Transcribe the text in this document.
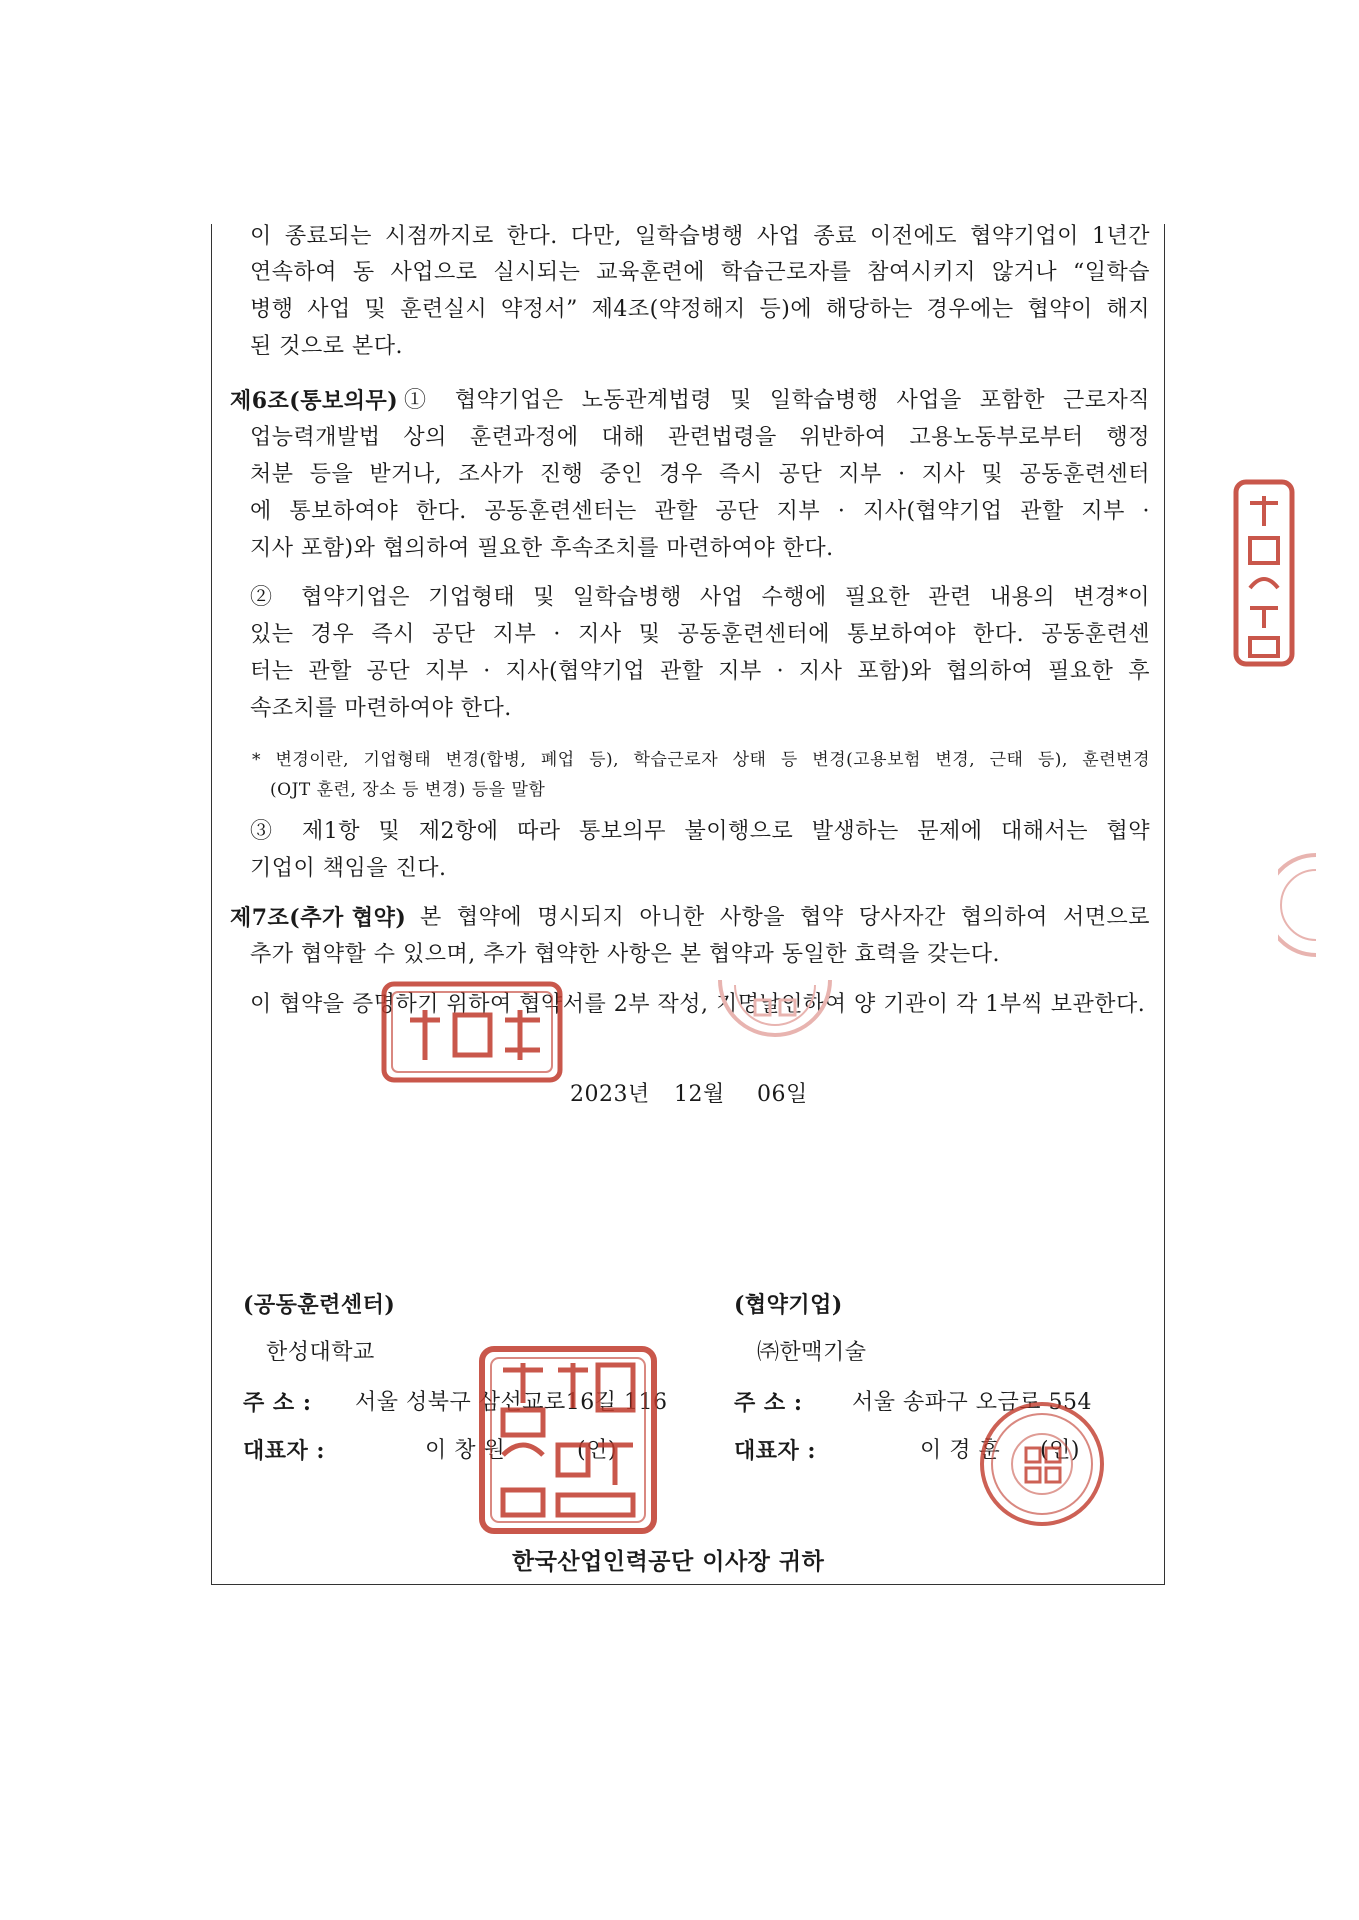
이 종료되는 시점까지로 한다. 다만, 일학습병행 사업 종료 이전에도 협약기업이 1년간
연속하여 동 사업으로 실시되는 교육훈련에 학습근로자를 참여시키지 않거나 “일학습
병행 사업 및 훈련실시 약정서” 제4조(약정해지 등)에 해당하는 경우에는 협약이 해지
된 것으로 본다.
제6조(통보의무) ① 협약기업은 노동관계법령 및 일학습병행 사업을 포함한 근로자직
업능력개발법 상의 훈련과정에 대해 관련법령을 위반하여 고용노동부로부터 행정
처분 등을 받거나, 조사가 진행 중인 경우 즉시 공단 지부 · 지사 및 공동훈련센터
에 통보하여야 한다. 공동훈련센터는 관할 공단 지부 · 지사(협약기업 관할 지부 ·
지사 포함)와 협의하여 필요한 후속조치를 마련하여야 한다.
② 협약기업은 기업형태 및 일학습병행 사업 수행에 필요한 관련 내용의 변경*이
있는 경우 즉시 공단 지부 · 지사 및 공동훈련센터에 통보하여야 한다. 공동훈련센
터는 관할 공단 지부 · 지사(협약기업 관할 지부 · 지사 포함)와 협의하여 필요한 후
속조치를 마련하여야 한다.
* 변경이란, 기업형태 변경(합병, 폐업 등), 학습근로자 상태 등 변경(고용보험 변경, 근태 등), 훈련변경
(OJT 훈련, 장소 등 변경) 등을 말함
③ 제1항 및 제2항에 따라 통보의무 불이행으로 발생하는 문제에 대해서는 협약
기업이 책임을 진다.
제7조(추가 협약) 본 협약에 명시되지 아니한 사항을 협약 당사자간 협의하여 서면으로
추가 협약할 수 있으며, 추가 협약한 사항은 본 협약과 동일한 효력을 갖는다.
이 협약을 증명하기 위하여 협약서를 2부 작성, 기명날인하여 양 기관이 각 1부씩 보관한다.
2023년 12월 06일
(공동훈련센터)
한성대학교
주 소 : 서울 성북구 삼선교로16길 116
대표자 :	이 창 원	(인)
(협약기업)
㈜한맥기술
주 소 : 서울 송파구 오금로 554
대표자 :	이 경 훈 (인)
한국산업인력공단 이사장 귀하
